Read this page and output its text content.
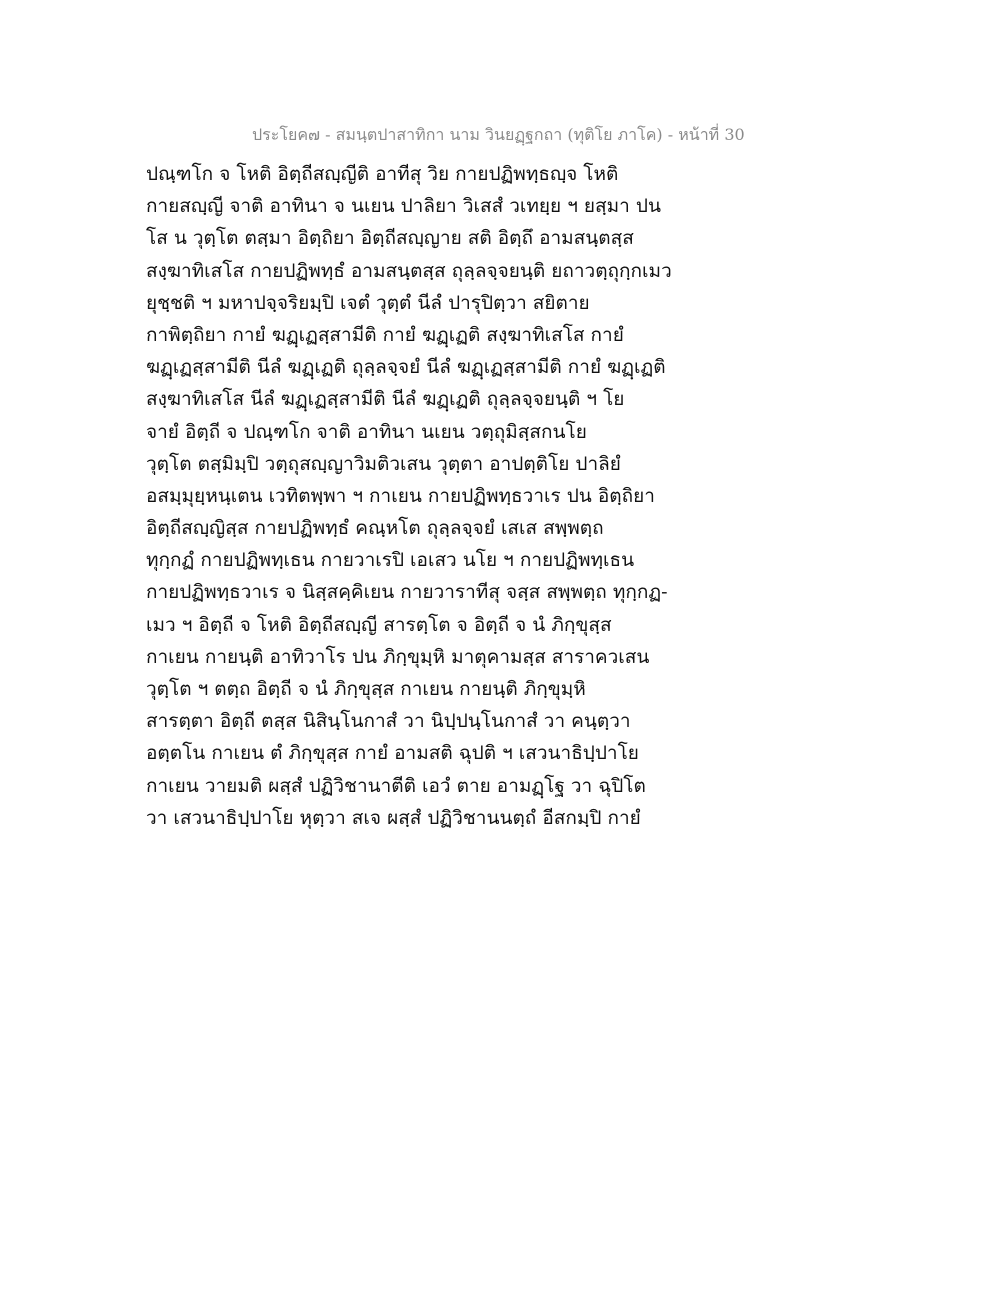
ประโยค๗ - สมนฺตปาสาทิกา นาม วินยฏฺฐกถา (ทุติโย ภาโค) - หน้าที่ 30
ปณฺฑโก จ โหติ อิตฺถีสญฺญีติ อาทีสุ วิย กายปฏิพทฺธญฺจ โหติ
กายสญฺญี จาติ อาทินา จ นเยน ปาลิยา วิเสสํ วเทยฺย ฯ ยสฺมา ปน
โส น วุตฺโต ตสฺมา อิตฺถิยา อิตฺถีสญฺญาย สติ อิตฺถึ อามสนฺตสฺส
สงฺฆาทิเสโส กายปฏิพทฺธํ อามสนฺตสฺส ถุลฺลจฺจยนฺติ ยถาวตฺถุกฺกเมว
ยุชฺชติ ฯ มหาปจฺจริยมฺปิ เจตํ วุตฺตํ นีลํ ปารุปิตฺวา สยิตาย
กาพิตฺถิยา กายํ ฆฏฺเฏสฺสามีติ กายํ ฆฏฺเฏติ สงฺฆาทิเสโส กายํ
ฆฏฺเฏสฺสามีติ นีลํ ฆฏฺเฏติ ถุลฺลจฺจยํ นีลํ ฆฏฺเฏสฺสามีติ กายํ ฆฏฺเฏติ
สงฺฆาทิเสโส นีลํ ฆฏฺเฏสฺสามีติ นีลํ ฆฏฺเฏติ ถุลฺลจฺจยนฺติ ฯ โย
จายํ อิตฺถี จ ปณฺฑโก จาติ อาทินา นเยน วตฺถุมิสฺสกนโย
วุตฺโต ตสฺมิมฺปิ วตฺถุสญฺญาวิมติวเสน วุตฺตา อาปตฺติโย ปาลิยํ
อสมฺมุยฺหนฺเตน เวทิตพฺพา ฯ กาเยน กายปฏิพทฺธวาเร ปน อิตฺถิยา
อิตฺถีสญฺญิสฺส กายปฏิพทฺธํ คณฺหโต ถุลฺลจฺจยํ เสเส สพฺพตฺถ
ทุกฺกฏํ กายปฏิพทฺเธน กายวาเรปิ เอเสว นโย ฯ กายปฏิพทฺเธน
กายปฏิพทฺธวาเร จ นิสฺสคฺคิเยน กายวาราทีสุ จสฺส สพฺพตฺถ ทุกฺกฏ-
เมว ฯ อิตฺถี จ โหติ อิตฺถีสญฺญี สารตฺโต จ อิตฺถี จ นํ ภิกฺขุสฺส
กาเยน กายนฺติ อาทิวาโร ปน ภิกฺขุมฺหิ มาตุคามสฺส สาราควเสน
วุตฺโต ฯ ตตฺถ อิตฺถี จ นํ ภิกฺขุสฺส กาเยน กายนฺติ ภิกฺขุมฺหิ
สารตฺตา อิตฺถี ตสฺส นิสินฺโนกาสํ วา นิปฺปนฺโนกาสํ วา คนฺตฺวา
อตฺตโน กาเยน ตํ ภิกฺขุสฺส กายํ อามสติ ฉุปติ ฯ เสวนาธิปฺปาโย
กาเยน วายมติ ผสฺสํ ปฏิวิชานาตีติ เอวํ ตาย อามฏฺโฐ วา ฉุปิโต
วา เสวนาธิปฺปาโย หุตฺวา สเจ ผสฺสํ ปฏิวิชานนตฺถํ อีสกมฺปิ กายํ
